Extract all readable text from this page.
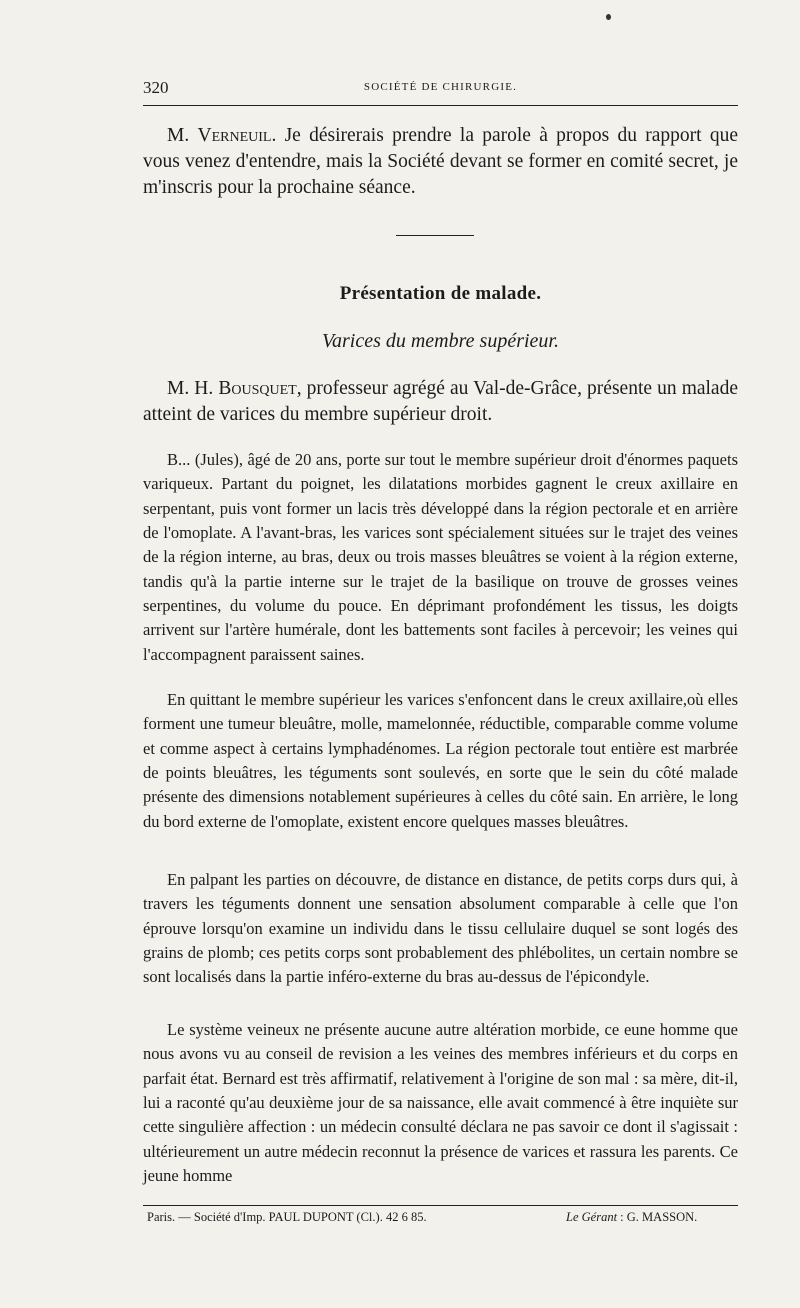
320	SOCIÉTÉ DE CHIRURGIE.

M. Verneuil. Je désirerais prendre la parole à propos du rapport que vous venez d'entendre, mais la Société devant se former en comité secret, je m'inscris pour la prochaine séance.

Présentation de malade.
Varices du membre supérieur.

M. H. Bousquet, professeur agrégé au Val-de-Grâce, présente un malade atteint de varices du membre supérieur droit.

B... (Jules), âgé de 20 ans, porte sur tout le membre supérieur droit d'énormes paquets variqueux. Partant du poignet, les dilatations morbides gagnent le creux axillaire en serpentant, puis vont former un lacis très développé dans la région pectorale et en arrière de l'omoplate. A l'avant-bras, les varices sont spécialement situées sur le trajet des veines de la région interne, au bras, deux ou trois masses bleuâtres se voient à la région externe, tandis qu'à la partie interne sur le trajet de la basilique on trouve de grosses veines serpentines, du volume du pouce. En déprimant profondément les tissus, les doigts arrivent sur l'artère humérale, dont les battements sont faciles à percevoir; les veines qui l'accompagnent paraissent saines.

En quittant le membre supérieur les varices s'enfoncent dans le creux axillaire,où elles forment une tumeur bleuâtre, molle, mamelonnée, réductible, comparable comme volume et comme aspect à certains lymphadénomes. La région pectorale tout entière est marbrée de points bleuâtres, les téguments sont soulevés, en sorte que le sein du côté malade présente des dimensions notablement supérieures à celles du côté sain. En arrière, le long du bord externe de l'omoplate, existent encore quelques masses bleuâtres.

En palpant les parties on découvre, de distance en distance, de petits corps durs qui, à travers les téguments donnent une sensation absolument comparable à celle que l'on éprouve lorsqu'on examine un individu dans le tissu cellulaire duquel se sont logés des grains de plomb; ces petits corps sont probablement des phlébolites, un certain nombre se sont localisés dans la partie inféro-externe du bras au-dessus de l'épicondyle.

Le système veineux ne présente aucune autre altération morbide, ce eune homme que nous avons vu au conseil de revision a les veines des membres inférieurs et du corps en parfait état. Bernard est très affirmatif, relativement à l'origine de son mal : sa mère, dit-il, lui a raconté qu'au deuxième jour de sa naissance, elle avait commencé à être inquiète sur cette singulière affection : un médecin consulté déclara ne pas savoir ce dont il s'agissait : ultérieurement un autre médecin reconnut la présence de varices et rassura les parents. Ce jeune homme

Paris. — Société d'Imp. PAUL DUPONT (Cl.). 42 6 85.	Le Gérant : G. MASSON.
